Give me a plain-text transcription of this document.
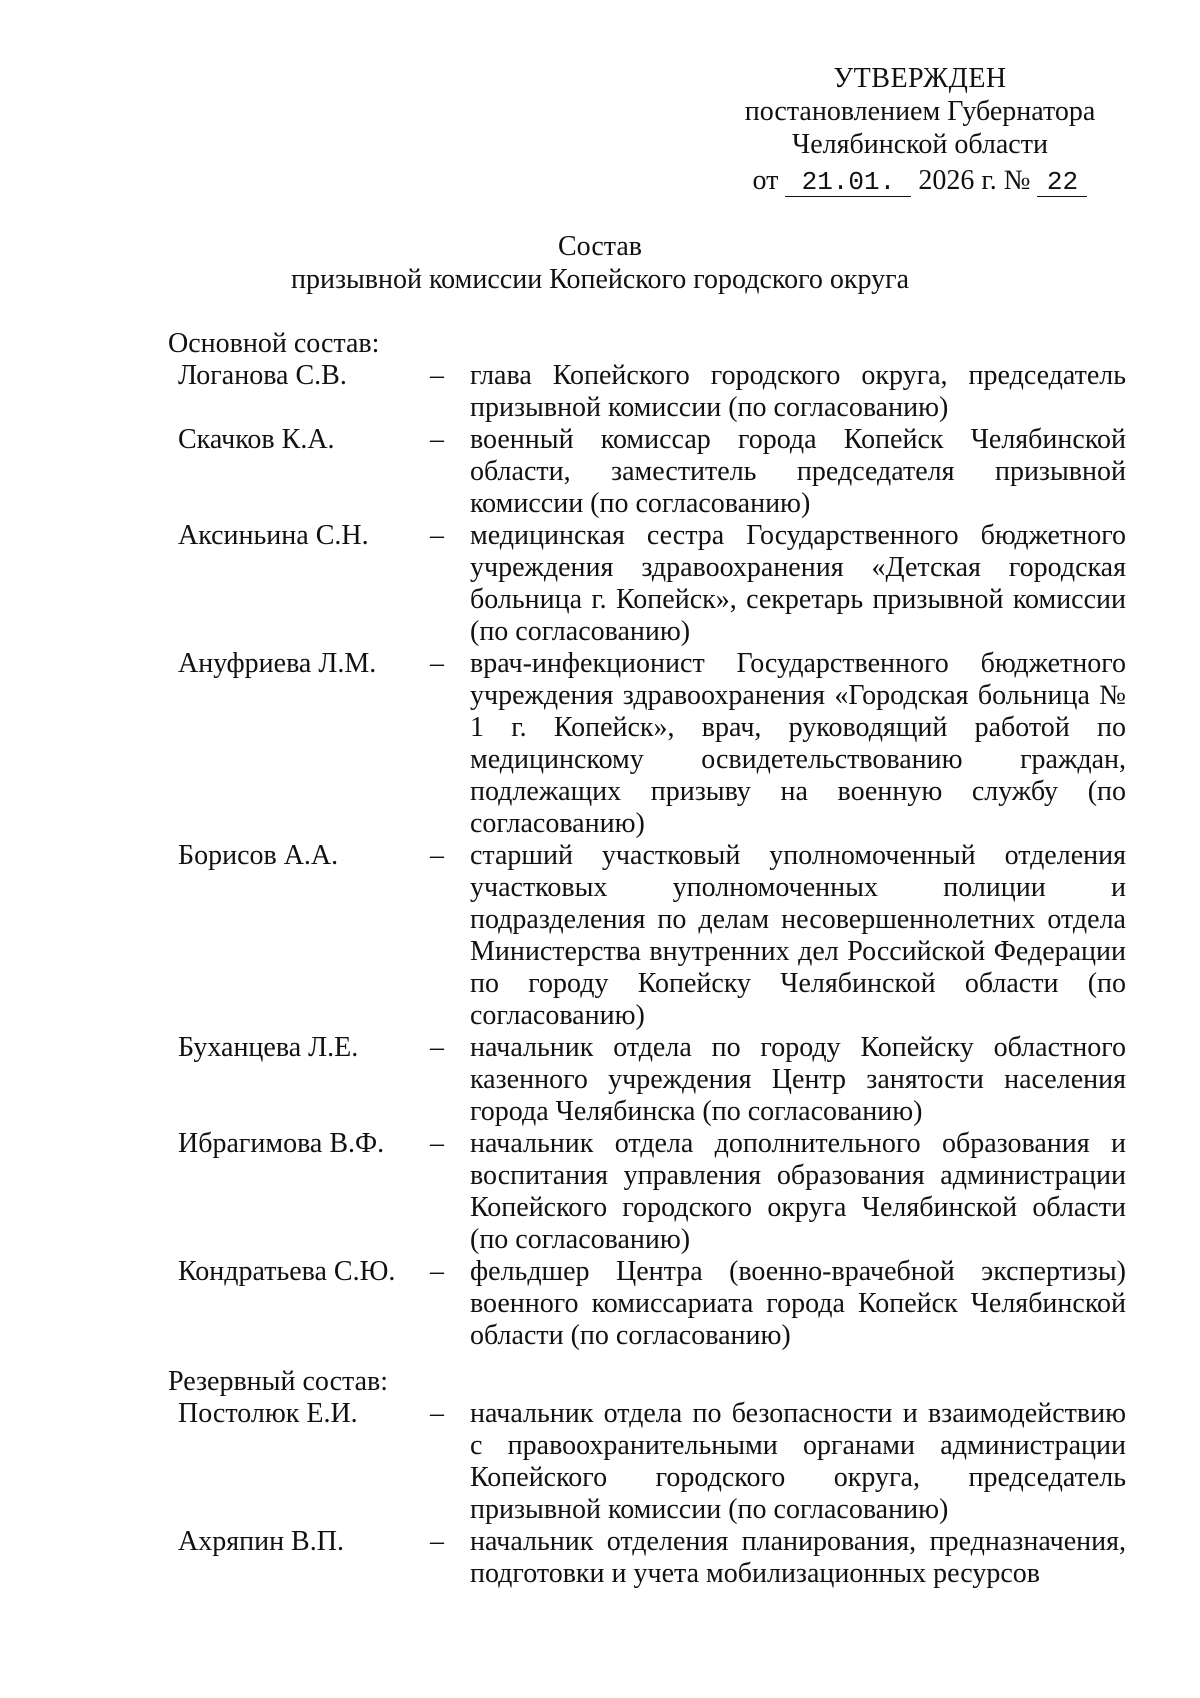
УТВЕРЖДЕН
постановлением Губернатора
Челябинской области
от 21.01. 2026 г. № 22
Состав
призывной комиссии Копейского городского округа
Основной состав:
Логанова С.В.	– глава Копейского городского округа, председатель призывной комиссии (по согласованию)
Скачков К.А.	– военный комиссар города Копейск Челябинской области, заместитель председателя призывной комиссии (по согласованию)
Аксиньина С.Н. – медицинская сестра Государственного бюджетного учреждения здравоохранения «Детская городская больница г. Копейск», секретарь призывной комиссии (по согласованию)
Ануфриева Л.М. – врач-инфекционист Государственного бюджетного учреждения здравоохранения «Городская больница № 1 г. Копейск», врач, руководящий работой по медицинскому освидетельствованию граждан, подлежащих призыву на военную службу (по согласованию)
Борисов А.А.	– старший участковый уполномоченный отделения участковых уполномоченных полиции и подразделения по делам несовершеннолетних отдела Министерства внутренних дел Российской Федерации по городу Копейску Челябинской области (по согласованию)
Буханцева Л.Е.	– начальник отдела по городу Копейску областного казенного учреждения Центр занятости населения города Челябинска (по согласованию)
Ибрагимова В.Ф. – начальник отдела дополнительного образования и воспитания управления образования администрации Копейского городского округа Челябинской области (по согласованию)
Кондратьева С.Ю. – фельдшер Центра (военно-врачебной экспертизы) военного комиссариата города Копейск Челябинской области (по согласованию)
Резервный состав:
Постолюк Е.И.	– начальник отдела по безопасности и взаимодействию с правоохранительными органами администрации Копейского городского округа, председатель призывной комиссии (по согласованию)
Ахряпин В.П.	– начальник отделения планирования, предназначения, подготовки и учета мобилизационных ресурсов
